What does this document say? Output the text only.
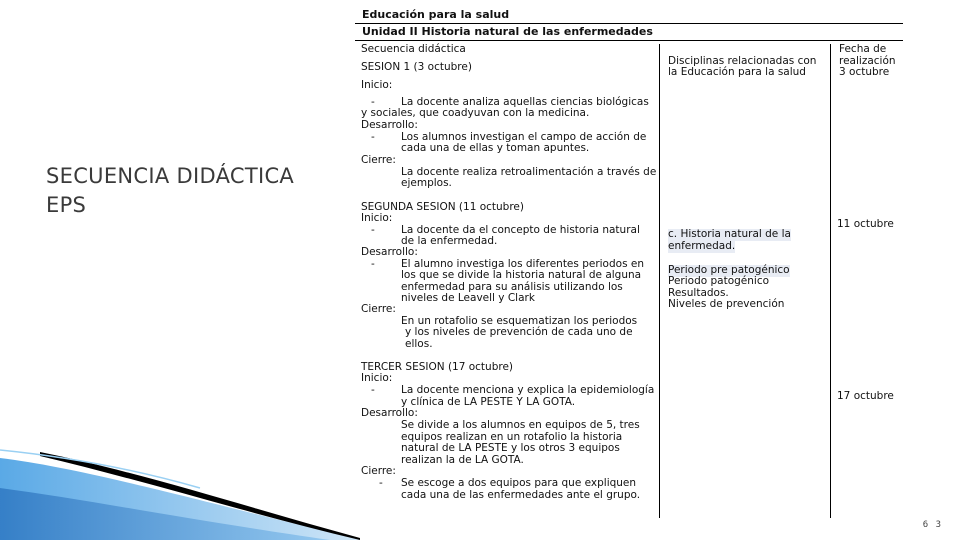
SECUENCIA DIDÁCTICA
EPS
Educación para la salud
Unidad II Historia natural de las enfermedades
Secuencia didáctica
Disciplinas relacionadas con
la Educación para la salud
Fecha de
realización
3 octubre
SESION 1 (3 octubre)
Inicio:
- La docente analiza aquellas ciencias biológicas
y sociales, que coadyuvan con la medicina.
Desarrollo:
- Los alumnos investigan el campo de acción de
cada una de ellas y toman apuntes.
Cierre:
La docente realiza retroalimentación a través de
ejemplos.
SEGUNDA SESION (11 octubre)
11 octubre
Inicio:
- La docente da el concepto de historia natural
de la enfermedad.
Desarrollo:
- El alumno investiga los diferentes periodos en
los que se divide la historia natural de alguna
enfermedad para su análisis utilizando los
niveles de Leavell y Clark
Cierre:
En un rotafolio se esquematizan los periodos
y los niveles de prevención de cada uno de
ellos.
c. Historia natural de la
enfermedad.
Periodo pre patogénico
Periodo patogénico
Resultados.
Niveles de prevención
TERCER SESION (17 octubre)
17 octubre
Inicio:
- La docente menciona y explica la epidemiología
y clínica de LA PESTE Y LA GOTA.
Desarrollo:
Se divide a los alumnos en equipos de 5, tres
equipos realizan en un rotafolio la historia
natural de LA PESTE y los otros 3 equipos
realizan la de LA GOTA.
Cierre:
- Se escoge a dos equipos para que expliquen
cada una de las enfermedades ante el grupo.
6 3
